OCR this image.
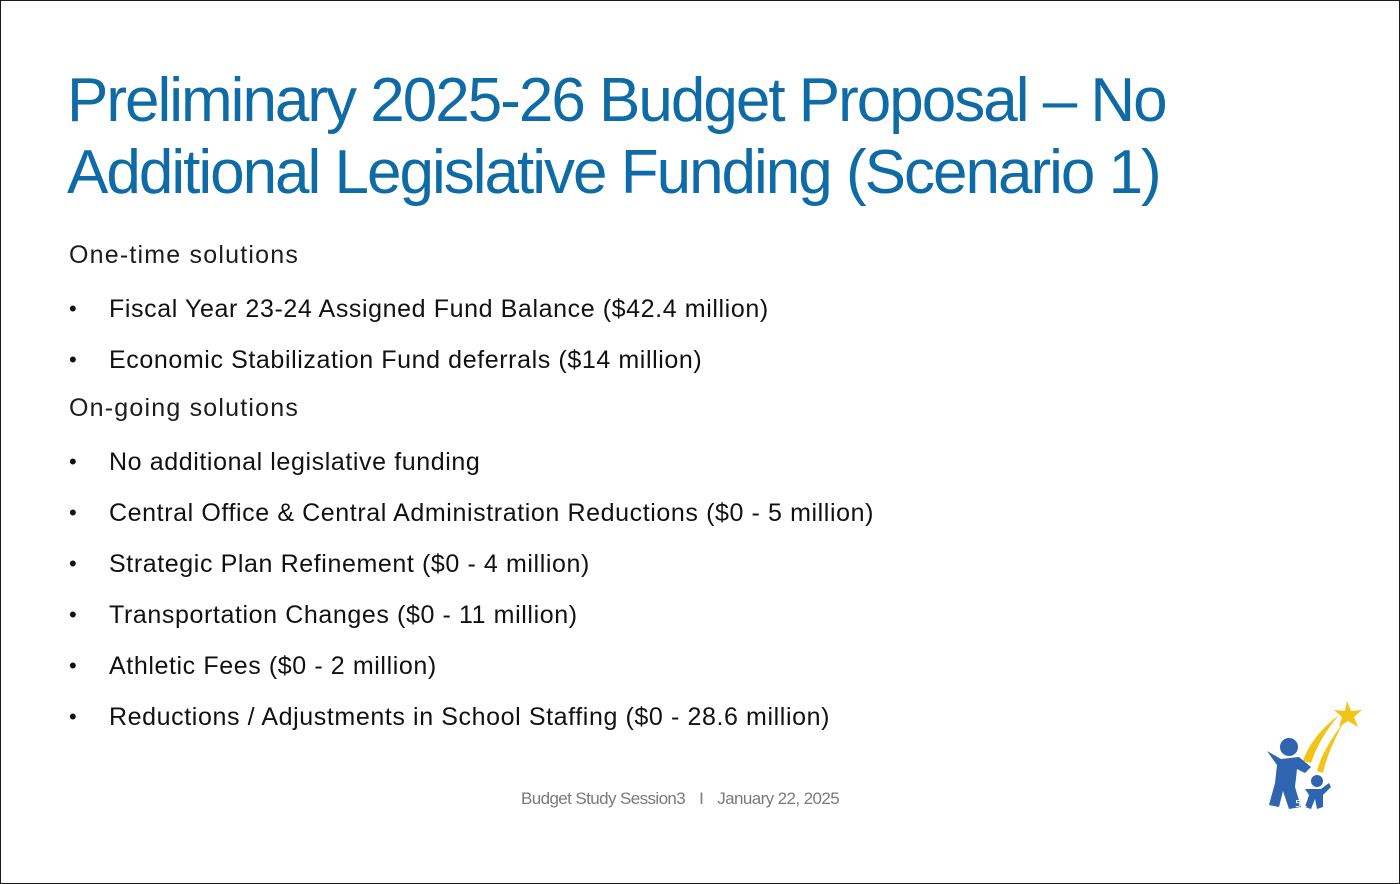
Preliminary 2025-26 Budget Proposal – No
Additional Legislative Funding (Scenario 1)

One-time solutions

•	Fiscal Year 23-24 Assigned Fund Balance ($42.4 million)
•	Economic Stabilization Fund deferrals ($14 million)

On-going solutions

•	No additional legislative funding
•	Central Office & Central Administration Reductions ($0 - 5 million)
•	Strategic Plan Refinement ($0 - 4 million)
•	Transportation Changes ($0 - 11 million)
•	Athletic Fees ($0 - 2 million)
•	Reductions / Adjustments in School Staffing ($0 - 28.6 million)
Budget Study Session3 I January 22, 2025	51
